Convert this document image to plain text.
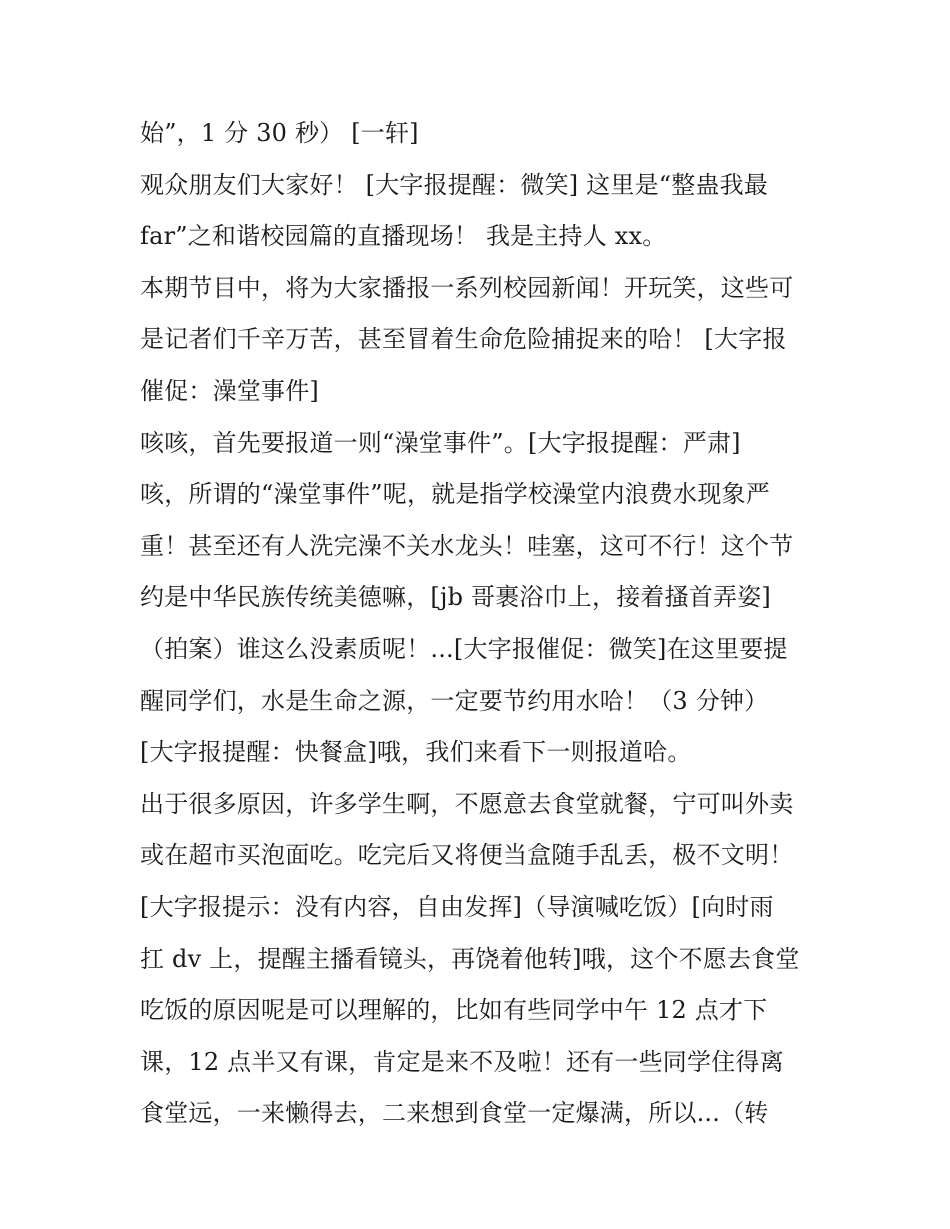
始”，1 分 30 秒） [一轩]
观众朋友们大家好！ [大字报提醒：微笑] 这里是“整蛊我最
far”之和谐校园篇的直播现场！ 我是主持人 xx。
本期节目中，将为大家播报一系列校园新闻！开玩笑，这些可
是记者们千辛万苦，甚至冒着生命危险捕捉来的哈！ [大字报
催促：澡堂事件]
咳咳，首先要报道一则“澡堂事件”。[大字报提醒：严肃]
咳，所谓的“澡堂事件”呢，就是指学校澡堂内浪费水现象严
重！甚至还有人洗完澡不关水龙头！哇塞，这可不行！这个节
约是中华民族传统美德嘛，[jb 哥裹浴巾上，接着搔首弄姿]
（拍案）谁这么没素质呢！...[大字报催促：微笑]在这里要提
醒同学们，水是生命之源，一定要节约用水哈！（3 分钟）
[大字报提醒：快餐盒]哦，我们来看下一则报道哈。
出于很多原因，许多学生啊，不愿意去食堂就餐，宁可叫外卖
或在超市买泡面吃。吃完后又将便当盒随手乱丢，极不文明！
[大字报提示：没有内容，自由发挥]（导演喊吃饭）[向时雨
扛 dv 上，提醒主播看镜头，再饶着他转]哦，这个不愿去食堂
吃饭的原因呢是可以理解的，比如有些同学中午 12 点才下
课，12 点半又有课，肯定是来不及啦！还有一些同学住得离
食堂远，一来懒得去，二来想到食堂一定爆满，所以...（转
